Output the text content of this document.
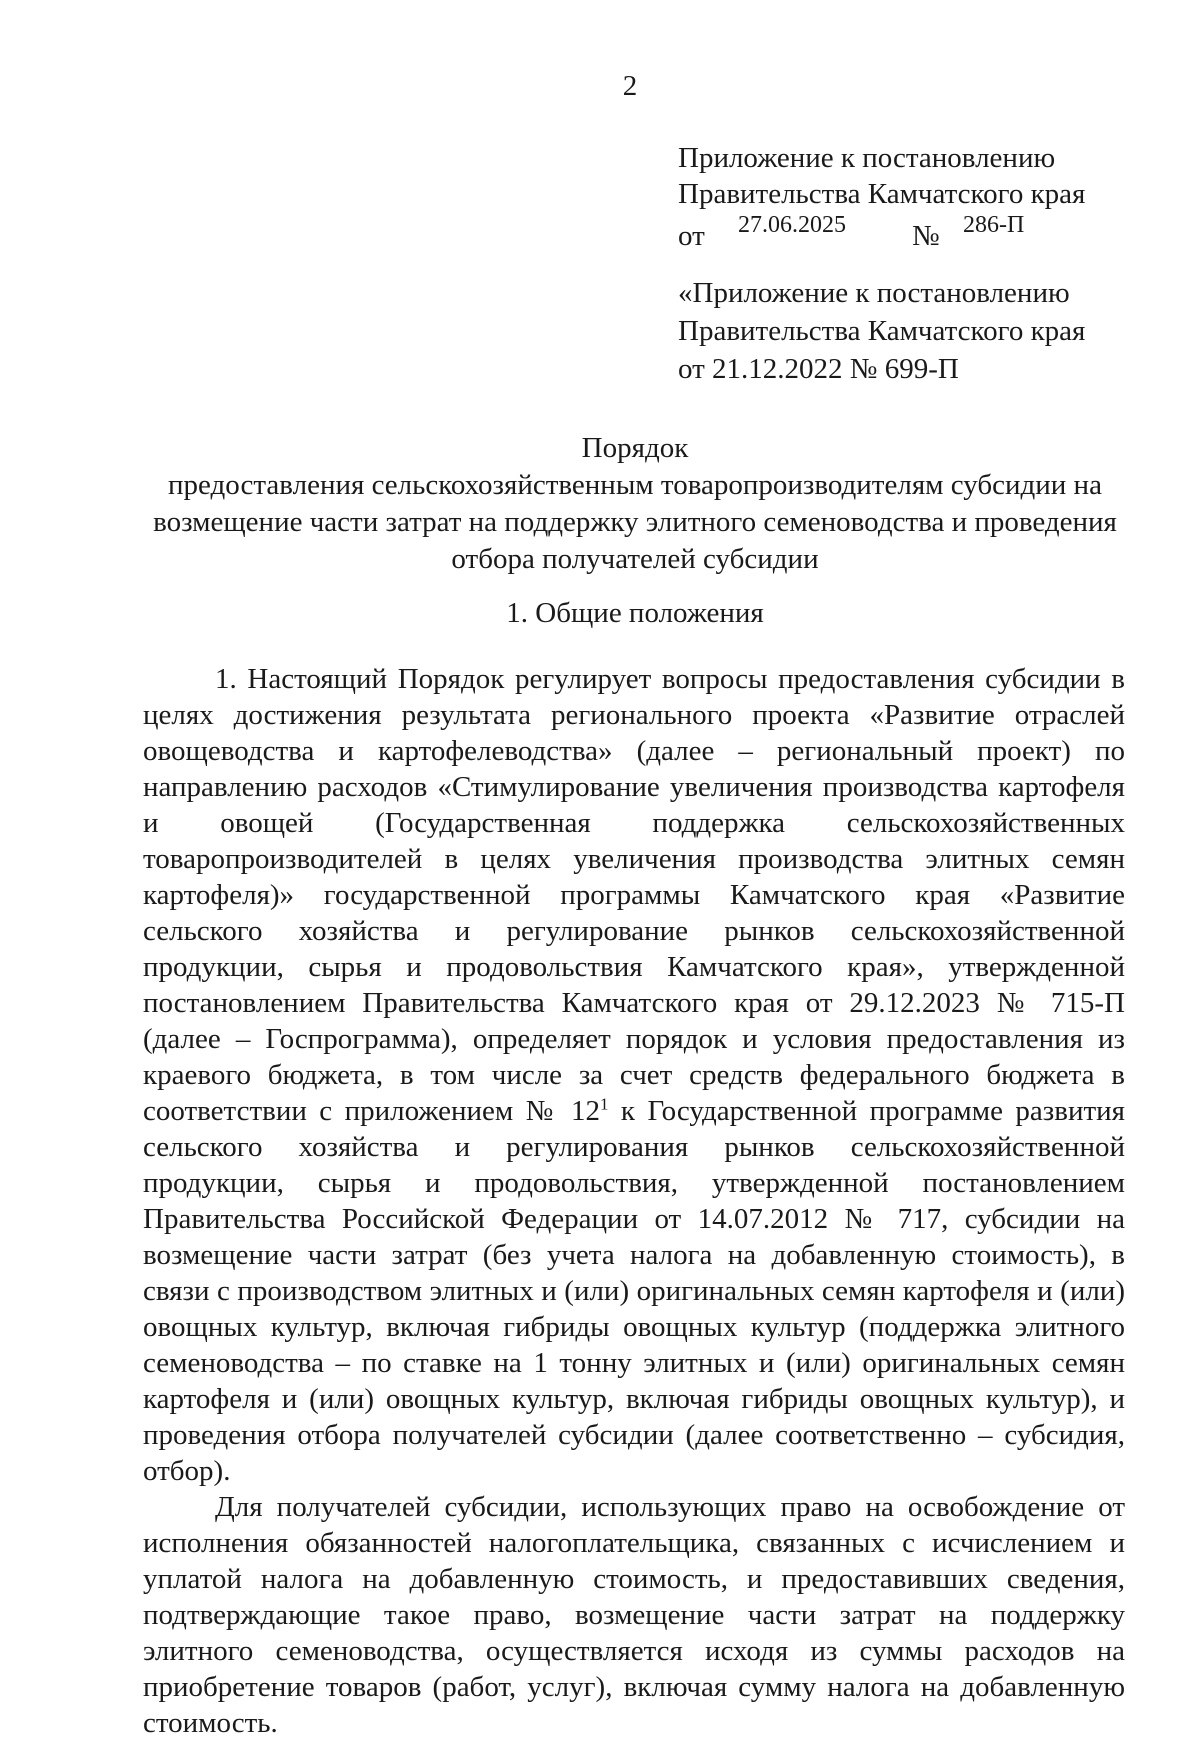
2
Приложение к постановлению
Правительства Камчатского края
от 27.06.2025 № 286-П
«Приложение к постановлению
Правительства Камчатского края
от 21.12.2022 № 699-П
Порядок
предоставления сельскохозяйственным товаропроизводителям субсидии на возмещение части затрат на поддержку элитного семеноводства и проведения отбора получателей субсидии
1. Общие положения

1. Настоящий Порядок регулирует вопросы предоставления субсидии в целях достижения результата регионального проекта «Развитие отраслей овощеводства и картофелеводства» (далее – региональный проект) по направлению расходов «Стимулирование увеличения производства картофеля и овощей (Государственная поддержка сельскохозяйственных товаропроизводителей в целях увеличения производства элитных семян картофеля)» государственной программы Камчатского края «Развитие сельского хозяйства и регулирование рынков сельскохозяйственной продукции, сырья и продовольствия Камчатского края», утвержденной постановлением Правительства Камчатского края от 29.12.2023 № 715-П (далее – Госпрограмма), определяет порядок и условия предоставления из краевого бюджета, в том числе за счет средств федерального бюджета в соответствии с приложением № $12^1$ к Государственной программе развития сельского хозяйства и регулирования рынков сельскохозяйственной продукции, сырья и продовольствия, утвержденной постановлением Правительства Российской Федерации от 14.07.2012 № 717, субсидии на возмещение части затрат (без учета налога на добавленную стоимость), в связи с производством элитных и (или) оригинальных семян картофеля и (или) овощных культур, включая гибриды овощных культур (поддержка элитного семеноводства – по ставке на 1 тонну элитных и (или) оригинальных семян картофеля и (или) овощных культур, включая гибриды овощных культур), и проведения отбора получателей субсидии (далее соответственно – субсидия, отбор).

Для получателей субсидии, использующих право на освобождение от исполнения обязанностей налогоплательщика, связанных с исчислением и уплатой налога на добавленную стоимость, и предоставивших сведения, подтверждающие такое право, возмещение части затрат на поддержку элитного семеноводства, осуществляется исходя из суммы расходов на приобретение товаров (работ, услуг), включая сумму налога на добавленную стоимость.
